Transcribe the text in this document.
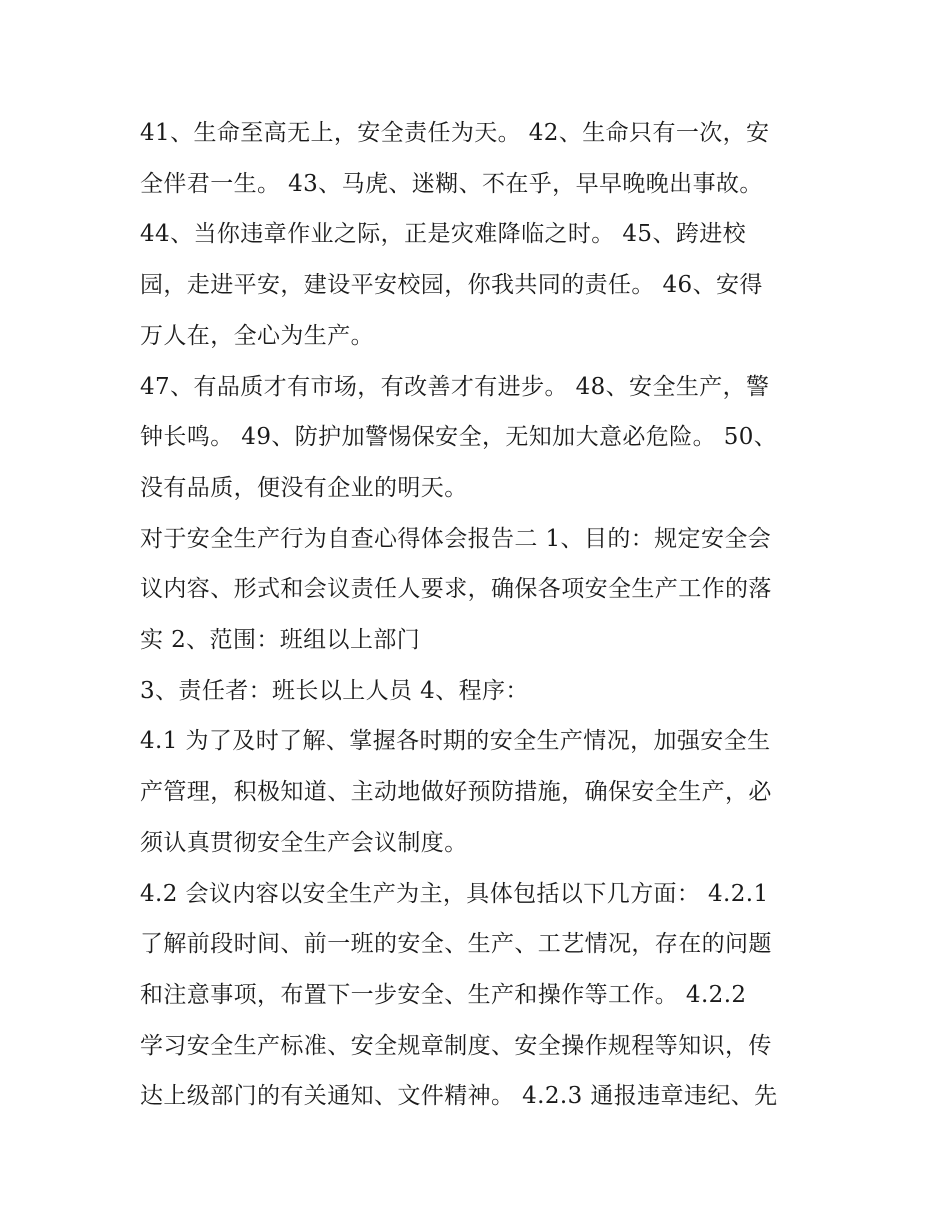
41、生命至高无上，安全责任为天。 42、生命只有一次，安
全伴君一生。 43、马虎、迷糊、不在乎，早早晚晚出事故。
44、当你违章作业之际，正是灾难降临之时。 45、跨进校
园，走进平安，建设平安校园，你我共同的责任。 46、安得
万人在，全心为生产。
47、有品质才有市场，有改善才有进步。 48、安全生产，警
钟长鸣。 49、防护加警惕保安全，无知加大意必危险。 50、
没有品质，便没有企业的明天。
对于安全生产行为自查心得体会报告二 1、目的：规定安全会
议内容、形式和会议责任人要求，确保各项安全生产工作的落
实 2、范围：班组以上部门
3、责任者：班长以上人员 4、程序：
4.1 为了及时了解、掌握各时期的安全生产情况，加强安全生
产管理，积极知道、主动地做好预防措施，确保安全生产，必
须认真贯彻安全生产会议制度。
4.2 会议内容以安全生产为主，具体包括以下几方面： 4.2.1
了解前段时间、前一班的安全、生产、工艺情况，存在的问题
和注意事项，布置下一步安全、生产和操作等工作。 4.2.2
学习安全生产标准、安全规章制度、安全操作规程等知识，传
达上级部门的有关通知、文件精神。 4.2.3 通报违章违纪、先
